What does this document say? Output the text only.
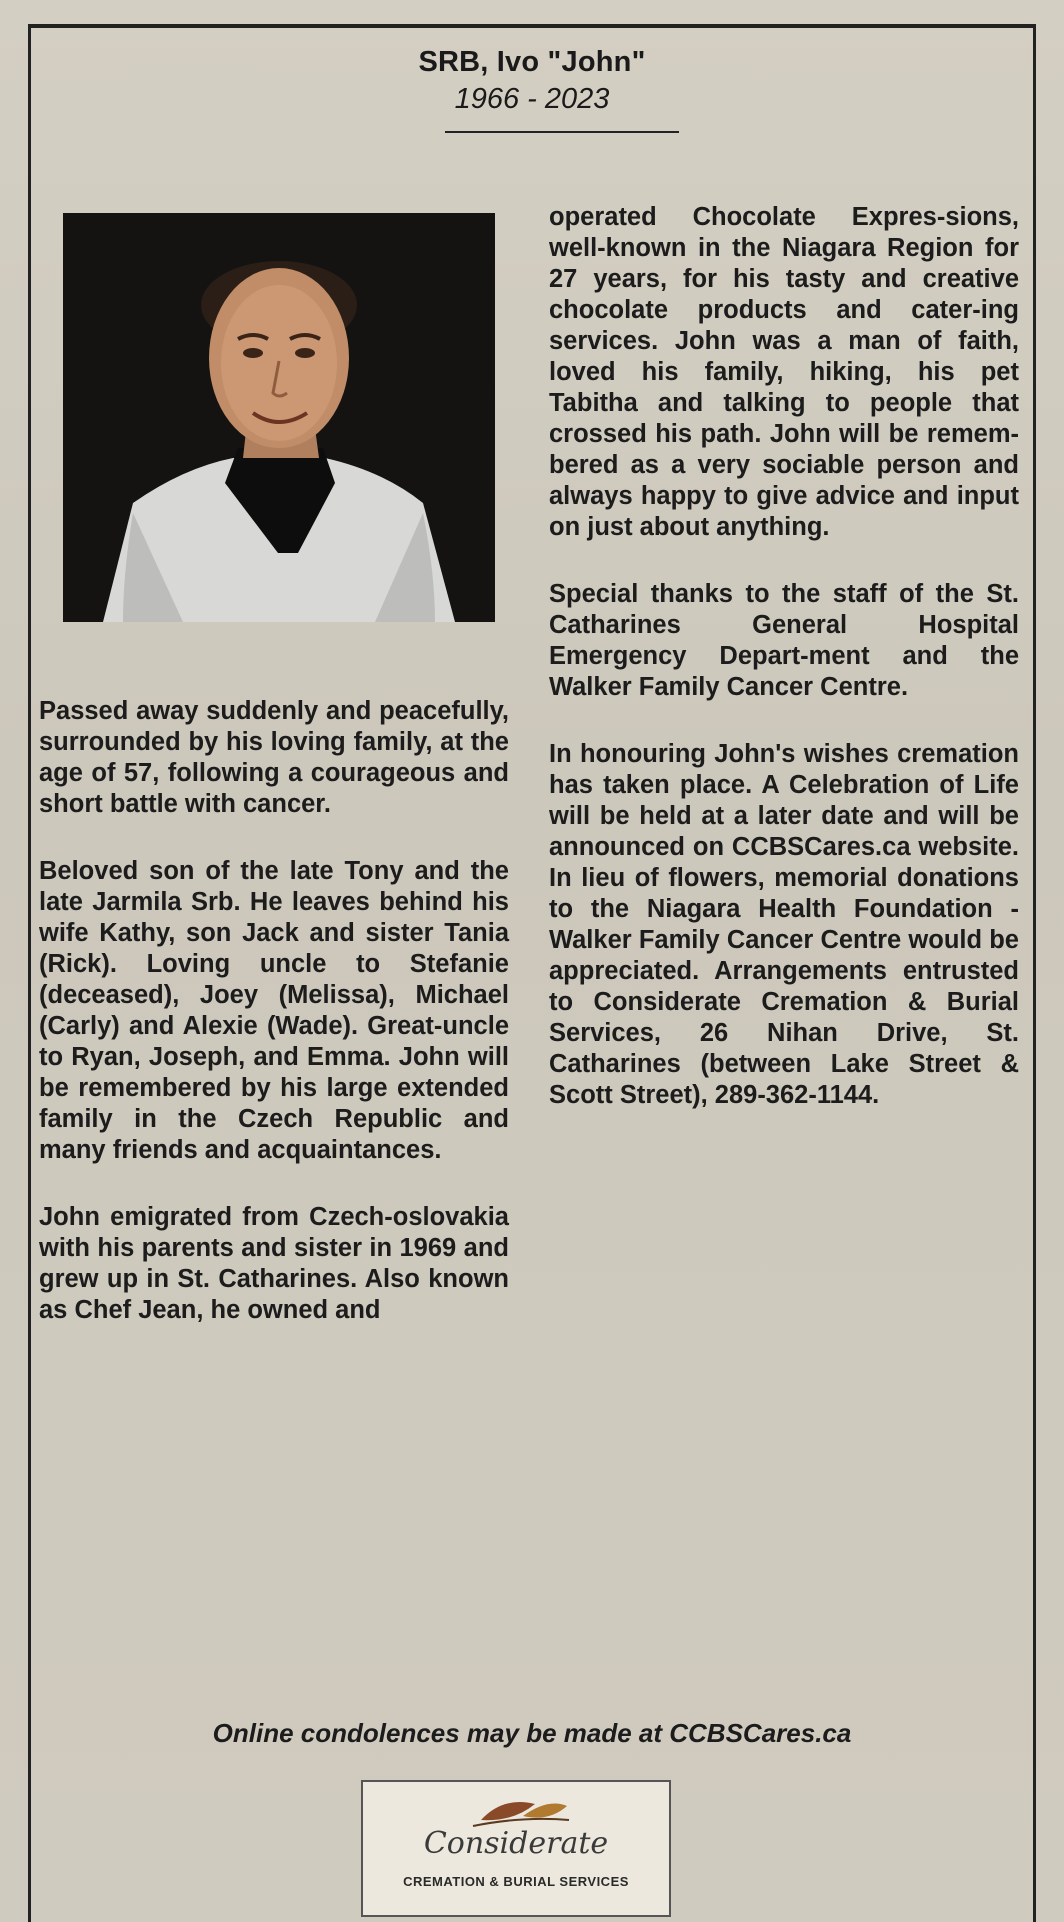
SRB, Ivo "John"
1966 - 2023

Passed away suddenly and peacefully, surrounded by his loving family, at the age of 57, following a courageous and short battle with cancer.

Beloved son of the late Tony and the late Jarmila Srb. He leaves behind his wife Kathy, son Jack and sister Tania (Rick). Loving uncle to Stefanie (deceased), Joey (Melissa), Michael (Carly) and Alexie (Wade). Great-uncle to Ryan, Joseph, and Emma. John will be remembered by his large extended family in the Czech Republic and many friends and acquaintances.

John emigrated from Czech-oslovakia with his parents and sister in 1969 and grew up in St. Catharines. Also known as Chef Jean, he owned and

operated Chocolate Expres-sions, well-known in the Niagara Region for 27 years, for his tasty and creative chocolate products and cater-ing services. John was a man of faith, loved his family, hiking, his pet Tabitha and talking to people that crossed his path. John will be remem-bered as a very sociable person and always happy to give advice and input on just about anything.

Special thanks to the staff of the St. Catharines General Hospital Emergency Depart-ment and the Walker Family Cancer Centre.

In honouring John's wishes cremation has taken place. A Celebration of Life will be held at a later date and will be announced on CCBSCares.ca website. In lieu of flowers, memorial donations to the Niagara Health Foundation - Walker Family Cancer Centre would be appreciated. Arrangements entrusted to Considerate Cremation & Burial Services, 26 Nihan Drive, St. Catharines (between Lake Street & Scott Street), 289-362-1144.

Online condolences may be made at CCBSCares.ca
Considerate
CREMATION & BURIAL SERVICES
